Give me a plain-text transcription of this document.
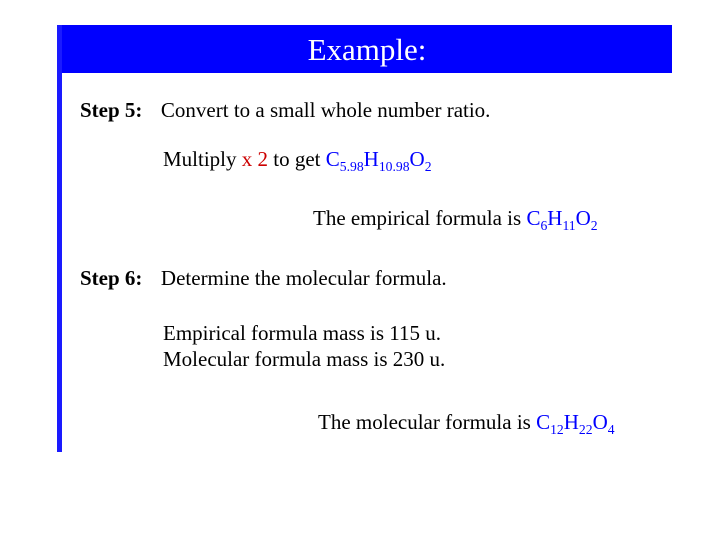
Example:
Step 5: Convert to a small whole number ratio.
Multiply x 2 to get $C_{5.98}H_{10.98}O_2$
The empirical formula is $C_6H_{11}O_2$
Step 6: Determine the molecular formula.
Empirical formula mass is 115 u.
Molecular formula mass is 230 u.
The molecular formula is $C_{12}H_{22}O_4$
